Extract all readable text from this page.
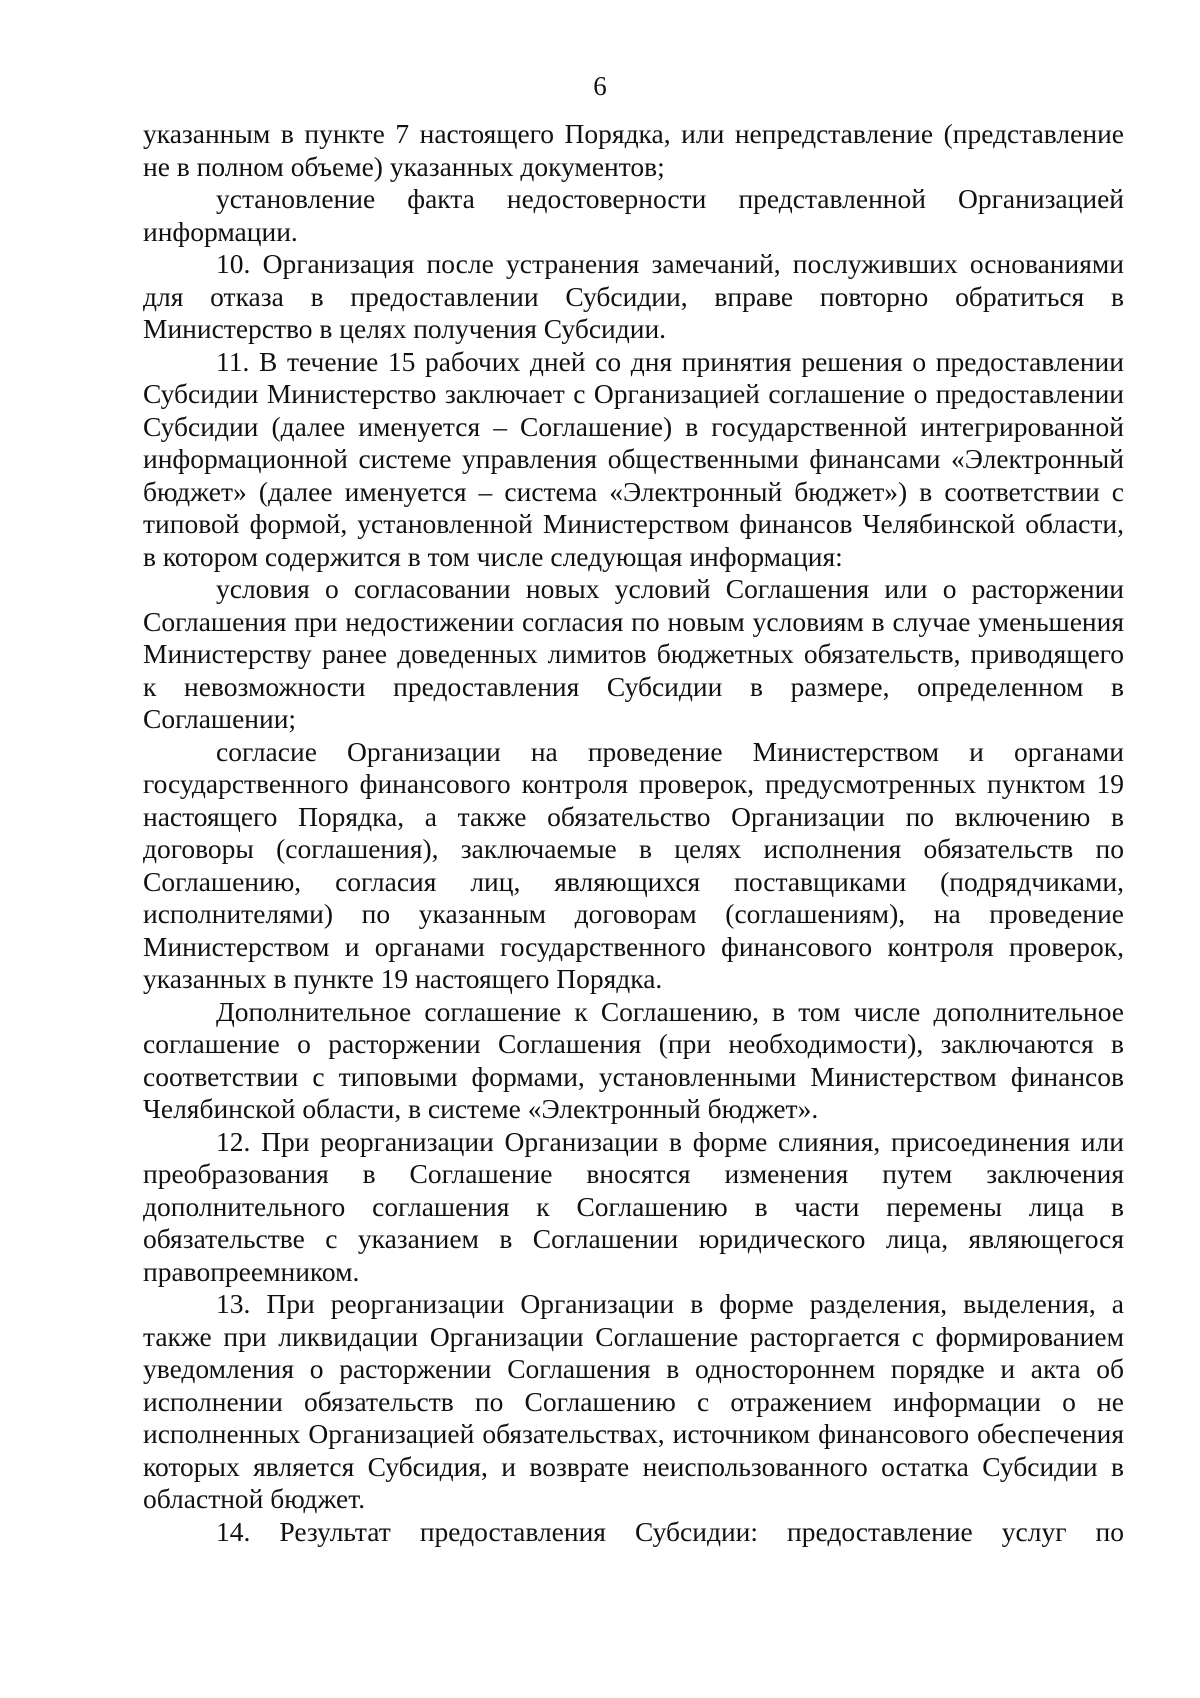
6

указанным в пункте 7 настоящего Порядка, или непредставление (представление не в полном объеме) указанных документов;

установление факта недостоверности представленной Организацией информации.

10. Организация после устранения замечаний, послуживших основаниями для отказа в предоставлении Субсидии, вправе повторно обратиться в Министерство в целях получения Субсидии.

11. В течение 15 рабочих дней со дня принятия решения о предоставлении Субсидии Министерство заключает с Организацией соглашение о предоставлении Субсидии (далее именуется – Соглашение) в государственной интегрированной информационной системе управления общественными финансами «Электронный бюджет» (далее именуется – система «Электронный бюджет») в соответствии с типовой формой, установленной Министерством финансов Челябинской области, в котором содержится в том числе следующая информация:

условия о согласовании новых условий Соглашения или о расторжении Соглашения при недостижении согласия по новым условиям в случае уменьшения Министерству ранее доведенных лимитов бюджетных обязательств, приводящего к невозможности предоставления Субсидии в размере, определенном в Соглашении;

согласие Организации на проведение Министерством и органами государственного финансового контроля проверок, предусмотренных пунктом 19 настоящего Порядка, а также обязательство Организации по включению в договоры (соглашения), заключаемые в целях исполнения обязательств по Соглашению, согласия лиц, являющихся поставщиками (подрядчиками, исполнителями) по указанным договорам (соглашениям), на проведение Министерством и органами государственного финансового контроля проверок, указанных в пункте 19 настоящего Порядка.

Дополнительное соглашение к Соглашению, в том числе дополнительное соглашение о расторжении Соглашения (при необходимости), заключаются в соответствии с типовыми формами, установленными Министерством финансов Челябинской области, в системе «Электронный бюджет».

12. При реорганизации Организации в форме слияния, присоединения или преобразования в Соглашение вносятся изменения путем заключения дополнительного соглашения к Соглашению в части перемены лица в обязательстве с указанием в Соглашении юридического лица, являющегося правопреемником.

13. При реорганизации Организации в форме разделения, выделения, а также при ликвидации Организации Соглашение расторгается с формированием уведомления о расторжении Соглашения в одностороннем порядке и акта об исполнении обязательств по Соглашению с отражением информации о не исполненных Организацией обязательствах, источником финансового обеспечения которых является Субсидия, и возврате неиспользованного остатка Субсидии в областной бюджет.

14. Результат предоставления Субсидии: предоставление услуг по
